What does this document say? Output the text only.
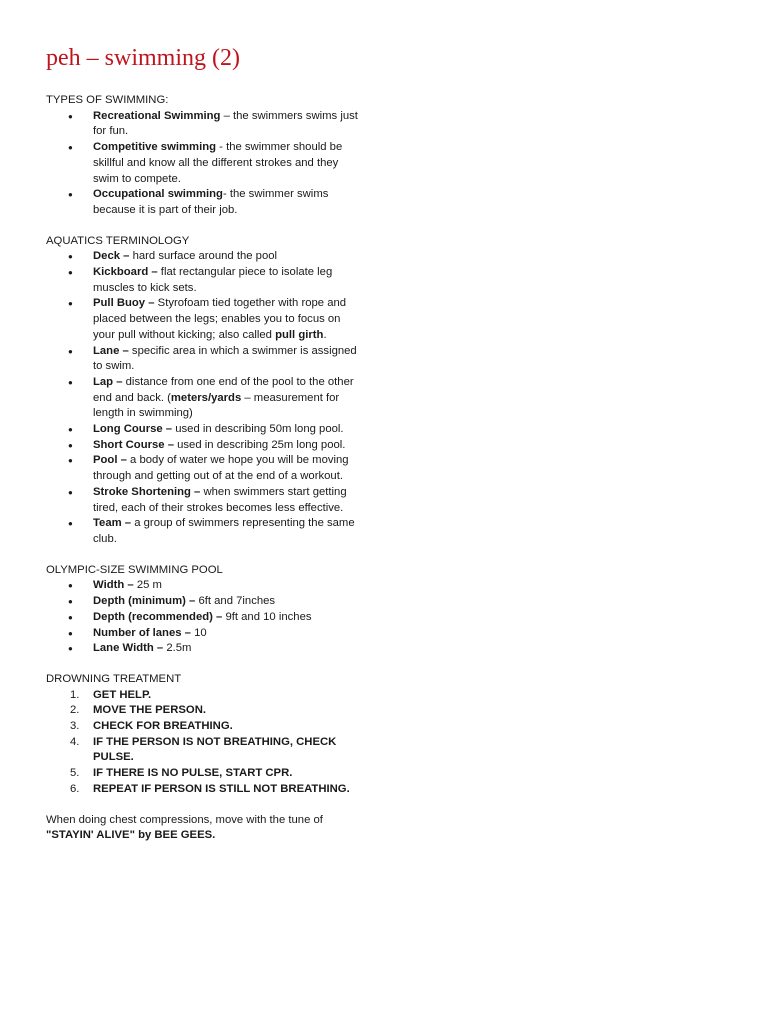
peh – swimming (2)

TYPES OF SWIMMING:

● Recreational Swimming – the swimmers swims just for fun.
● Competitive swimming - the swimmer should be skillful and know all the different strokes and they swim to compete.
● Occupational swimming- the swimmer swims because it is part of their job.

AQUATICS TERMINOLOGY

● Deck – hard surface around the pool
● Kickboard – flat rectangular piece to isolate leg muscles to kick sets.
● Pull Buoy – Styrofoam tied together with rope and placed between the legs; enables you to focus on your pull without kicking; also called pull girth.
● Lane – specific area in which a swimmer is assigned to swim.
● Lap – distance from one end of the pool to the other end and back. (meters/yards – measurement for length in swimming)
● Long Course – used in describing 50m long pool.
● Short Course – used in describing 25m long pool.
● Pool – a body of water we hope you will be moving through and getting out of at the end of a workout.
● Stroke Shortening – when swimmers start getting tired, each of their strokes becomes less effective.
● Team – a group of swimmers representing the same club.

OLYMPIC-SIZE SWIMMING POOL

● Width – 25 m
● Depth (minimum) – 6ft and 7inches
● Depth (recommended) – 9ft and 10 inches
● Number of lanes – 10
● Lane Width – 2.5m

DROWNING TREATMENT

1. GET HELP.
2. MOVE THE PERSON.
3. CHECK FOR BREATHING.
4. IF THE PERSON IS NOT BREATHING, CHECK PULSE.
5. IF THERE IS NO PULSE, START CPR.
6. REPEAT IF PERSON IS STILL NOT BREATHING.

When doing chest compressions, move with the tune of

"STAYIN' ALIVE" by BEE GEES.
